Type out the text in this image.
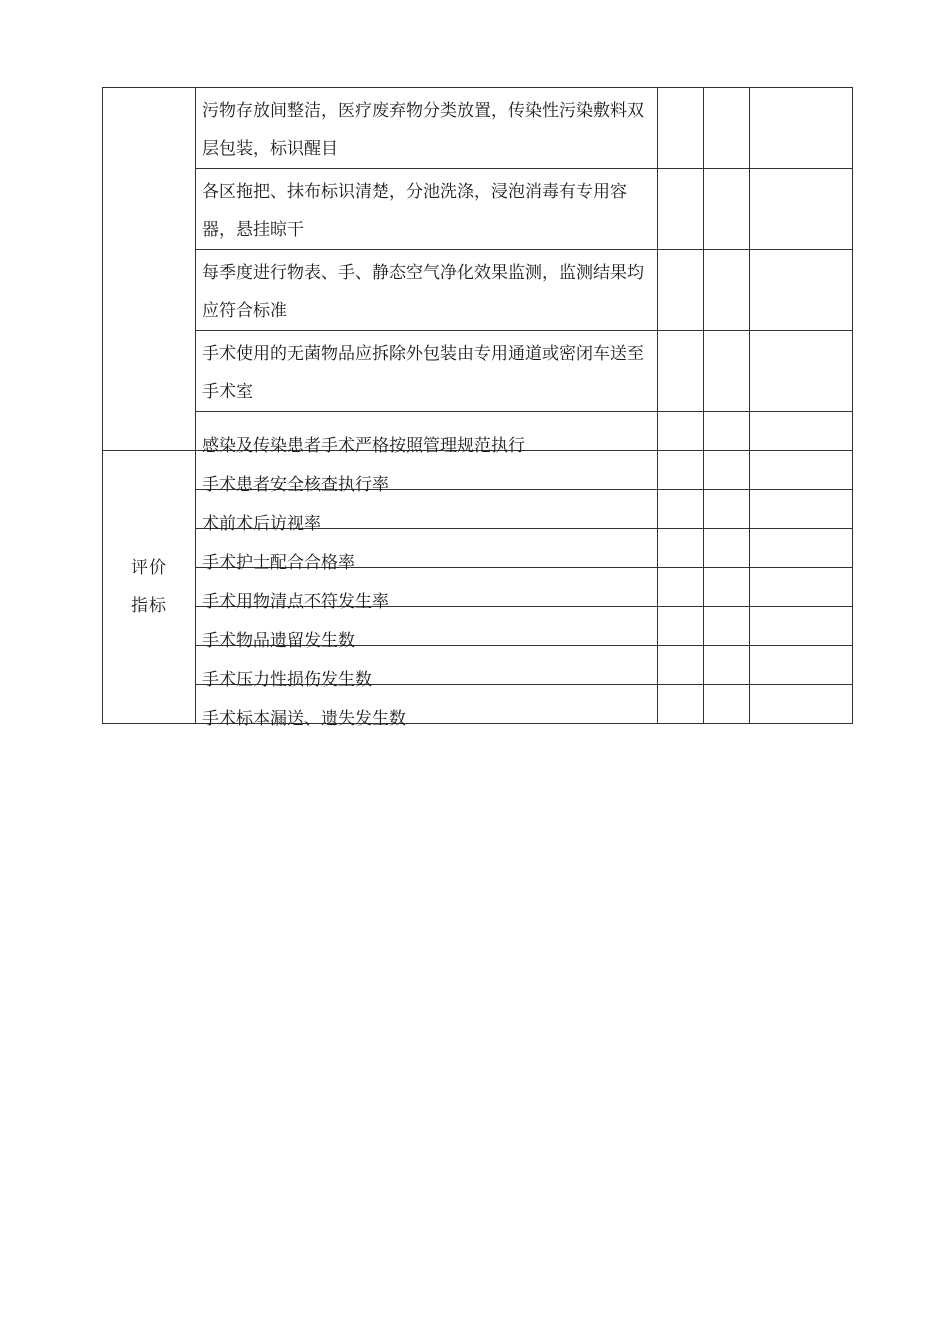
	污物存放间整洁，医疗废弃物分类放置，传染性污染敷料双层包装，标识醒目			
	各区拖把、抹布标识清楚，分池洗涤，浸泡消毒有专用容器，悬挂晾干			
	每季度进行物表、手、静态空气净化效果监测，监测结果均应符合标准			
	手术使用的无菌物品应拆除外包装由专用通道或密闭车送至手术室			
	感染及传染患者手术严格按照管理规范执行			

评价
指标	手术患者安全核查执行率			
	术前术后访视率			
	手术护士配合合格率			
	手术用物清点不符发生率			
	手术物品遗留发生数			
	手术压力性损伤发生数			
	手术标本漏送、遗失发生数			
